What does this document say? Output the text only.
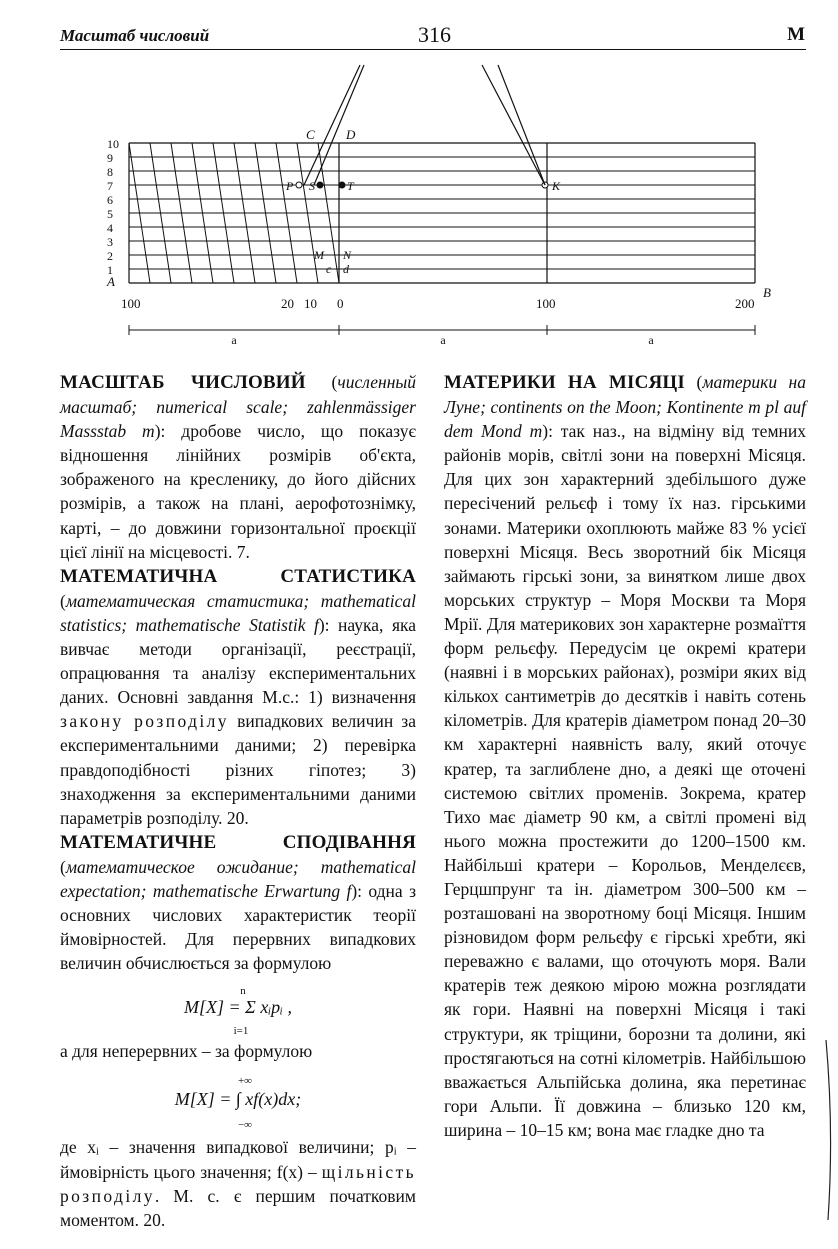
Масштаб числовий	316	М
10
9
8
7
6
5
4
3
2
1
100	20 10 0	100	200
A
B
C D
P S	T	K
M N
c d
a	a	a

МАСШТАБ ЧИСЛОВИЙ (численный масштаб; numerical scale; zahlenmässiger Massstab m): дробове число, що показує відношення лінійних розмірів об'єкта, зображеного на кресленику, до його дійсних розмірів, а також на плані, аерофотознімку, карті, – до довжини горизонтальної проєкції цієї лінії на місцевості. 7.

МАТЕМАТИЧНА СТАТИСТИКА (математическая статистика; mathematical statistics; mathematische Statistik f): наука, яка вивчає методи організації, реєстрації, опрацювання та аналізу експериментальних даних. Основні завдання М.с.: 1) визначення закону розподілу випадкових величин за експериментальними даними; 2) перевірка правдоподібності різних гіпотез; 3) знаходження за експериментальними даними параметрів розподілу. 20.

МАТЕМАТИЧНЕ СПОДІВАННЯ (математическое ожидание; mathematical expectation; mathematische Erwartung f): одна з основних числових характеристик теорії ймовірностей. Для перервних випадкових величин обчислюється за формулою

n
M[X] = Σ xᵢpᵢ ,
i=1

а для неперервних – за формулою

+∞
M[X] = ∫ xf(x)dx;
−∞

де xᵢ – значення випадкової величини; pᵢ – ймовірність цього значення; f(x) – щільність розподілу. М. с. є першим початковим моментом. 20.

МАТЕРИКИ НА МІСЯЦІ (материки на Луне; continents on the Moon; Kontinente m pl auf dem Mond m): так наз., на відміну від темних районів морів, світлі зони на поверхні Місяця. Для цих зон характерний здебільшого дуже пересічений рельєф і тому їх наз. гірськими зонами. Материки охоплюють майже 83 % усієї поверхні Місяця. Весь зворотний бік Місяця займають гірські зони, за винятком лише двох морських структур – Моря Москви та Моря Мрії. Для материкових зон характерне розмаїття форм рельєфу. Передусім це окремі кратери (наявні і в морських районах), розміри яких від кількох сантиметрів до десятків і навіть сотень кілометрів. Для кратерів діаметром понад 20–30 км характерні наявність валу, який оточує кратер, та заглиблене дно, а деякі ще оточені системою світлих променів. Зокрема, кратер Тихо має діаметр 90 км, а світлі промені від нього можна простежити до 1200–1500 км. Найбільші кратери – Корольов, Менделєєв, Герцшпрунг та ін. діаметром 300–500 км – розташовані на зворотному боці Місяця. Іншим різновидом форм рельєфу є гірські хребти, які переважно є валами, що оточують моря. Вали кратерів теж деякою мірою можна розглядати як гори. Наявні на поверхні Місяця і такі структури, як тріщини, борозни та долини, які простягаються на сотні кілометрів. Найбільшою вважається Альпійська долина, яка перетинає гори Альпи. Її довжина – близько 120 км, ширина – 10–15 км; вона має гладке дно та
